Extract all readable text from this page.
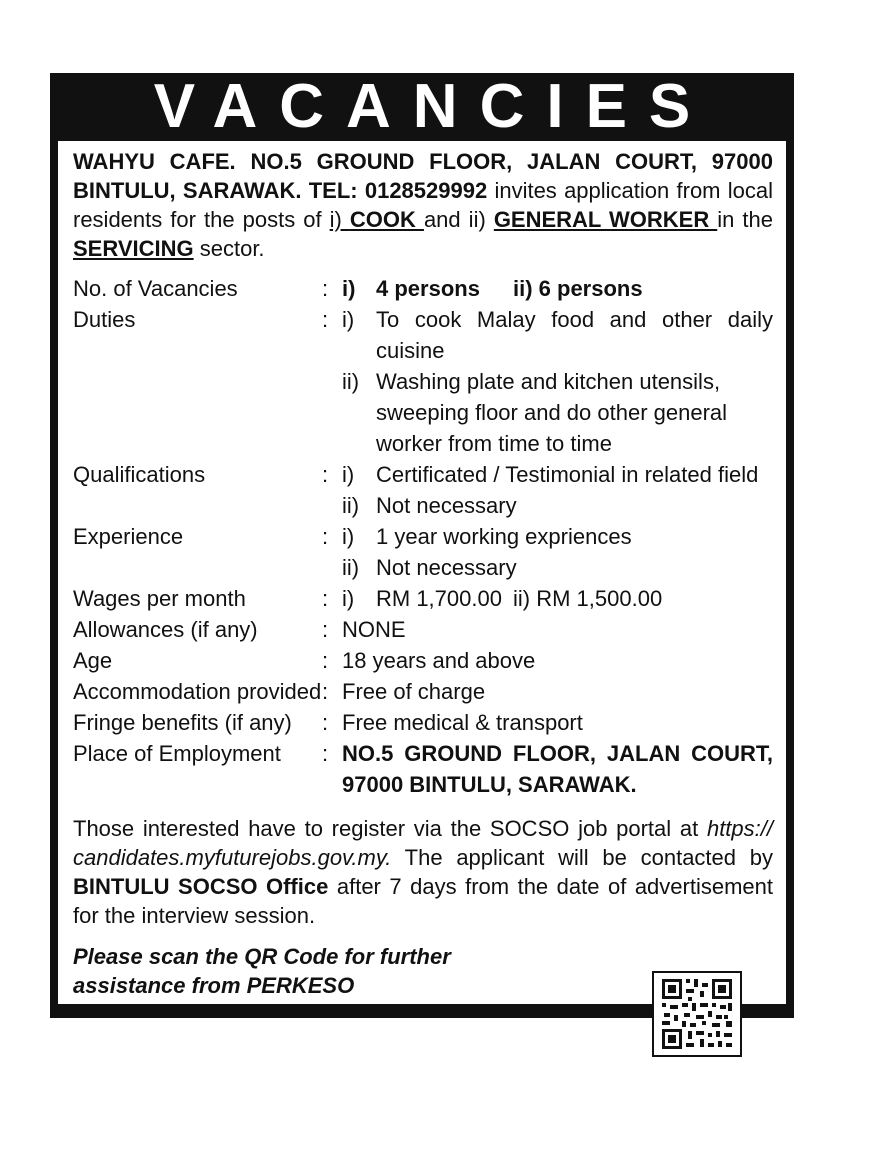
VACANCIES

WAHYU CAFE. NO.5 GROUND FLOOR, JALAN COURT, 97000 BINTULU, SARAWAK. TEL: 0128529992 invites application from local residents for the posts of i) COOK and ii) GENERAL WORKER in the SERVICING sector.

No. of Vacancies	:	i) 4 persons ii) 6 persons

Duties	:	i) To cook Malay food and other daily cuisine
ii) Washing plate and kitchen utensils, sweeping floor and do other general worker from time to time

Qualifications	:	i) Certificated / Testimonial in related field
ii) Not necessary

Experience	:	i) 1 year working expriences
ii) Not necessary

Wages per month	:	i) RM 1,700.00 ii) RM 1,500.00

Allowances (if any)	:	NONE
Age	:	18 years and above
Accommodation provided	:	Free of charge
Fringe benefits (if any)	:	Free medical & transport
Place of Employment	:	NO.5 GROUND FLOOR, JALAN COURT, 97000 BINTULU, SARAWAK.

Those interested have to register via the SOCSO job portal at https:// candidates.myfuturejobs.gov.my. The applicant will be contacted by BINTULU SOCSO Office after 7 days from the date of advertisement for the interview session.

Please scan the QR Code for further assistance from PERKESO
